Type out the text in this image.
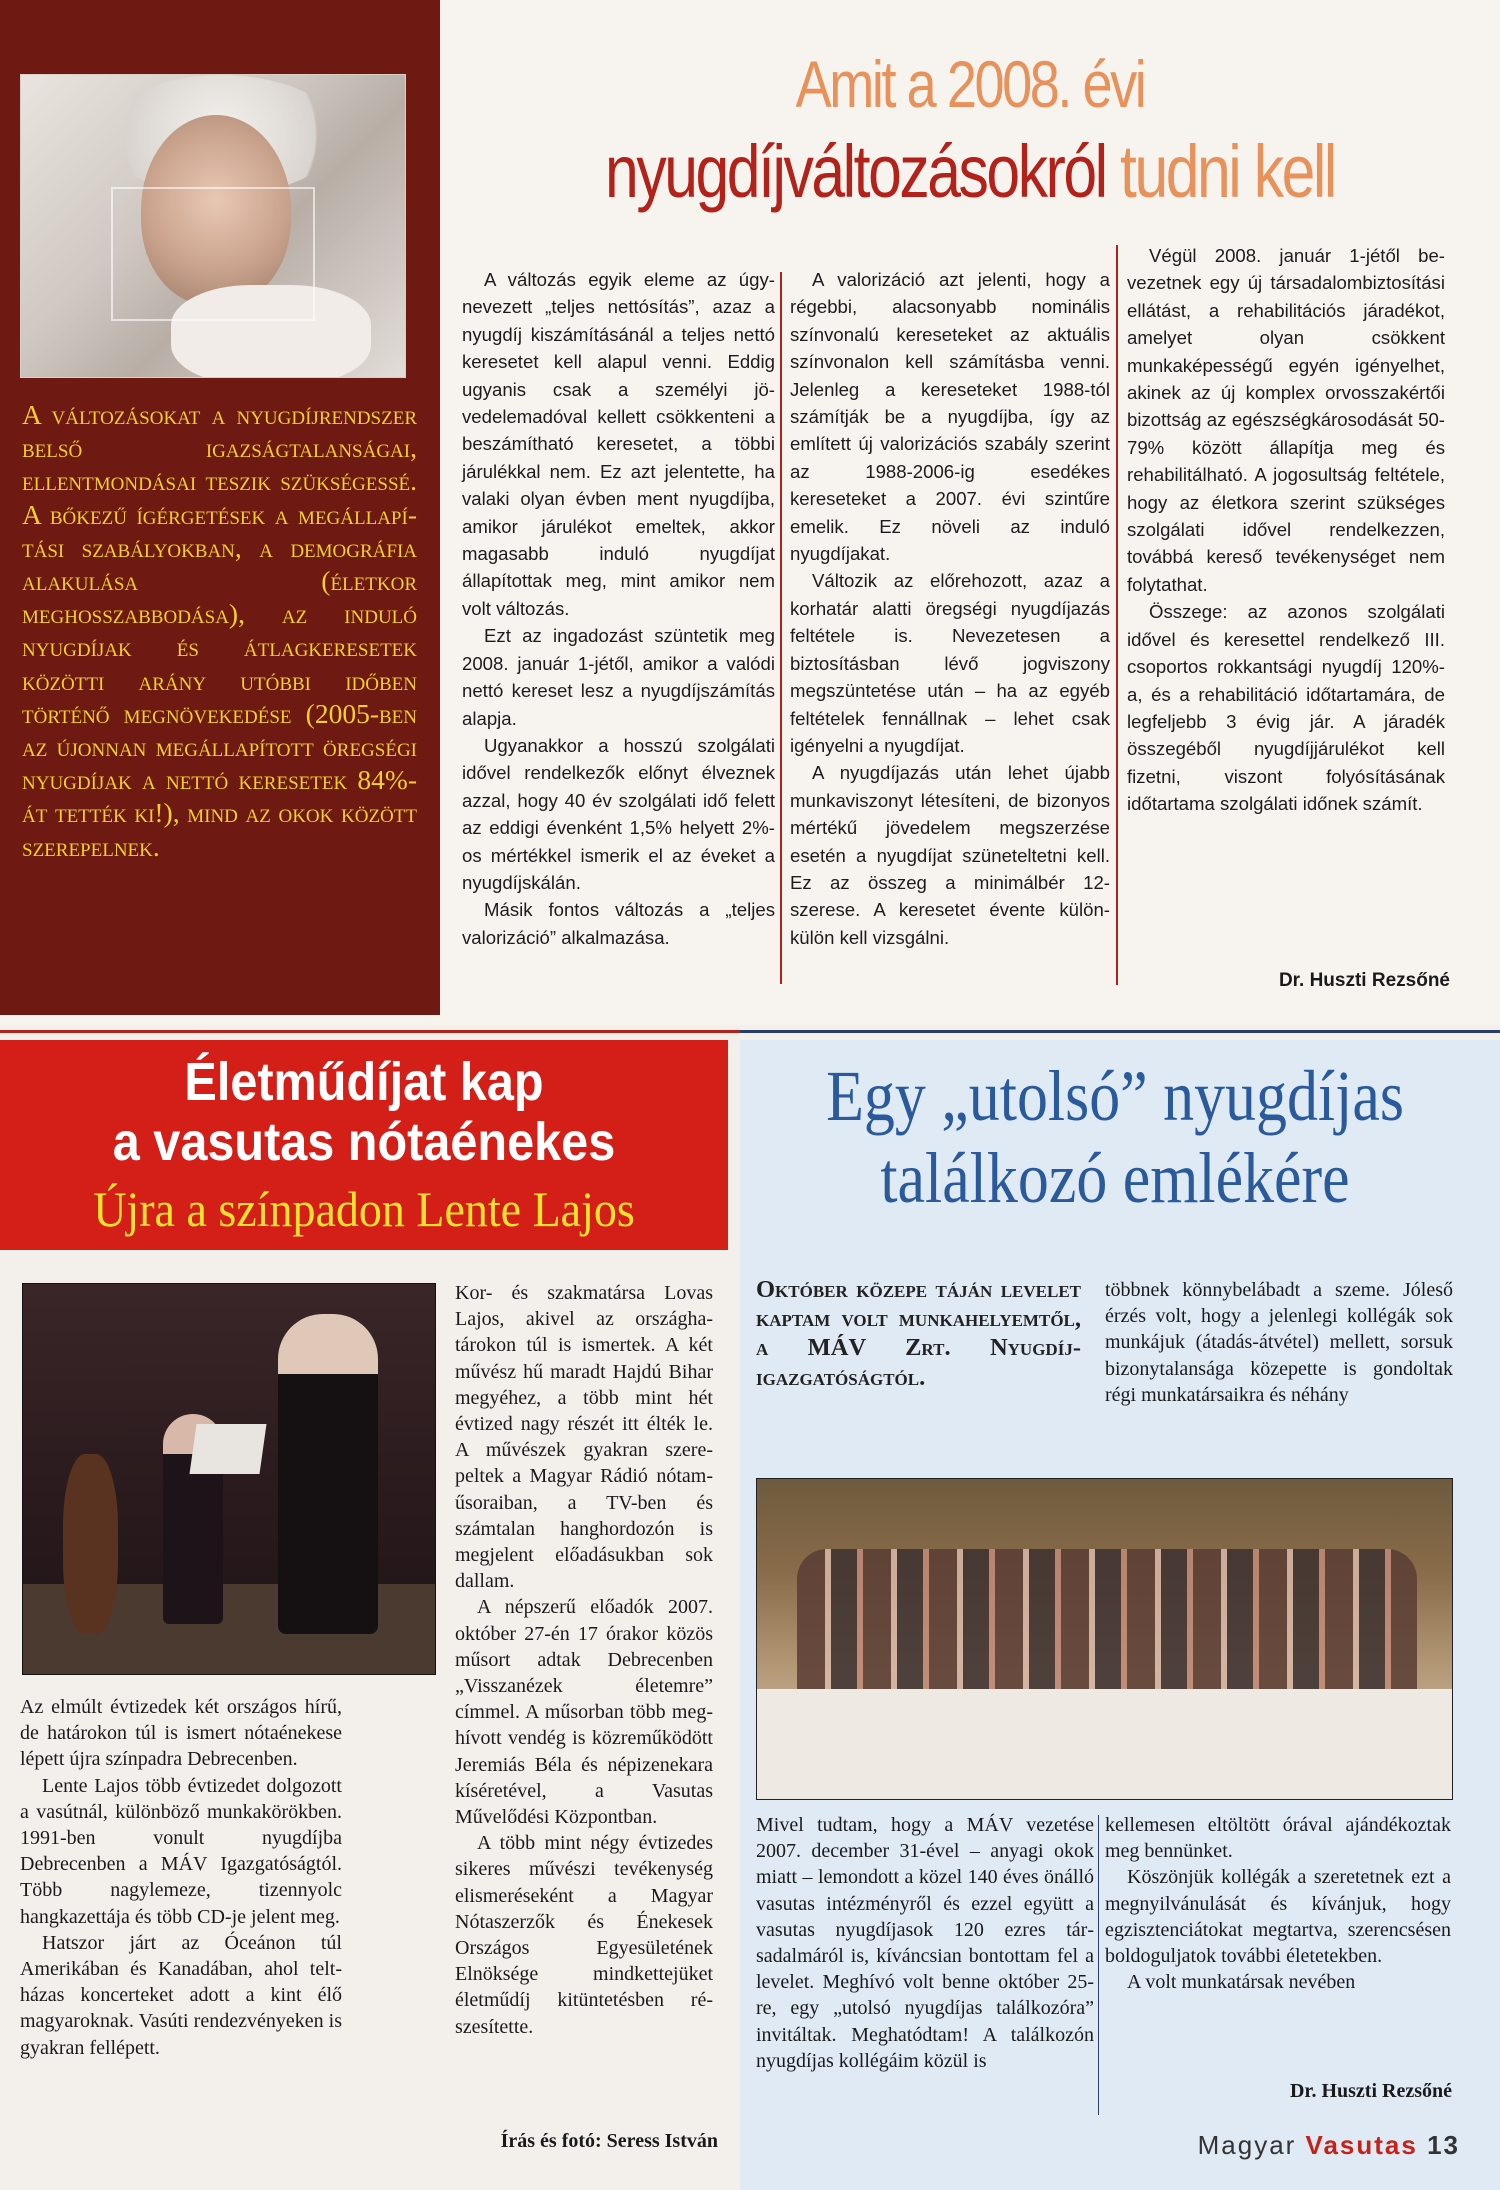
A változásokat a nyugdíjrendszer belső igazságtalanságai, ellentmondásai teszik szükségessé. A bőkezű ígérgetések a megállapítási szabályokban, a demográfia alakulása (életkor meghosszabbodása), az induló nyugdíjak és átlagkeresetek közötti arány utóbbi időben történő megnövekedése (2005-ben az újonnan megállapított öregségi nyugdíjak a nettó keresetek 84%-át tették ki!), mind az okok között szerepelnek.
Amit a 2008. évi
nyugdíjváltozásokról tudni kell

A változás egyik eleme az úgynevezett „teljes nettósítás”, azaz a nyugdíj kiszámításánál a teljes nettó keresetet kell alapul venni. Eddig ugyanis csak a személyi jövedelemadóval kellett csökkenteni a beszámítható keresetet, a többi járulékkal nem. Ez azt jelentette, ha valaki olyan évben ment nyugdíjba, amikor járulékot emeltek, akkor magasabb induló nyugdíjat állapítottak meg, mint amikor nem volt változás.

Ezt az ingadozást szüntetik meg 2008. január 1-jétől, amikor a valódi nettó kereset lesz a nyugdíjszámítás alapja.

Ugyanakkor a hosszú szolgálati idővel rendelkezők előnyt élveznek azzal, hogy 40 év szolgálati idő felett az eddigi évenként 1,5% helyett 2%-os mértékkel ismerik el az éveket a nyugdíjskálán.

Másik fontos változás a „teljes valorizáció” alkalmazása.

A valorizáció azt jelenti, hogy a régebbi, alacsonyabb nominális színvonalú kereseteket az aktuális színvonalon kell számításba venni. Jelenleg a kereseteket 1988-tól számítják be a nyugdíjba, így az említett új valorizációs szabály szerint az 1988-2006-ig esedékes kereseteket a 2007. évi szintűre emelik. Ez növeli az induló nyugdíjakat.

Változik az előrehozott, azaz a korhatár alatti öregségi nyugdíjazás feltétele is. Nevezetesen a biztosításban lévő jogviszony megszüntetése után – ha az egyéb feltételek fennállnak – lehet csak igényelni a nyugdíjat.

A nyugdíjazás után lehet újabb munkaviszonyt létesíteni, de bizonyos mértékű jövedelem megszerzése esetén a nyugdíjat szüneteltetni kell. Ez az összeg a minimálbér 12-szerese. A keresetet évente külön-külön kell vizsgálni.

Végül 2008. január 1-jétől bevezetnek egy új társadalombiztosítási ellátást, a rehabilitációs járadékot, amelyet olyan csökkent munkaképességű egyén igényelhet, akinek az új komplex orvosszakértői bizottság az egészségkárosodását 50-79% között állapítja meg és rehabilitálható. A jogosultság feltétele, hogy az életkora szerint szükséges szolgálati idővel rendelkezzen, továbbá kereső tevékenységet nem folytathat.

Összege: az azonos szolgálati idővel és keresettel rendelkező III. csoportos rokkantsági nyugdíj 120%-a, és a rehabilitáció időtartamára, de legfeljebb 3 évig jár. A járadék összegéből nyugdíjjárulékot kell fizetni, viszont folyósításának időtartama szolgálati időnek számít.

Dr. Huszti Rezsőné
Életműdíjat kap
a vasutas nótaénekes
Újra a színpadon Lente Lajos

Az elmúlt évtizedek két országos hírű, de határokon túl is ismert nótaénekese lépett újra színpadra Debrecenben.

Lente Lajos több évtizedet dolgozott a vasútnál, különböző munkakörökben. 1991-ben vonult nyugdíjba Debrecenben a MÁV Igazgatóságtól. Több nagylemeze, tizennyolc hangkazettája és több CD-je jelent meg.

Hatszor járt az Óceánon túl Amerikában és Kanadában, ahol teltházas koncerteket adott a kint élő magyaroknak. Vasúti rendezvényeken is gyakran fellépett.

Kor- és szakmatársa Lovas Lajos, akivel az országhatárokon túl is ismertek. A két művész hű maradt Hajdú Bihar megyéhez, a több mint hét évtized nagy részét itt élték le. A művészek gyakran szerepeltek a Magyar Rádió nótaműsoraiban, a TV-ben és számtalan hanghordozón is megjelent előadásukban sok dallam.

A népszerű előadók 2007. október 27-én 17 órakor közös műsort adtak Debrecenben „Visszanézek életemre” címmel. A műsorban több meghívott vendég is közreműködött Jeremiás Béla és népizenekara kíséretével, a Vasutas Művelődési Központban.

A több mint négy évtizedes sikeres művészi tevékenység elismeréseként a Magyar Nótaszerzők és Énekesek Országos Egyesületének Elnöksége mindkettejüket életműdíj kitüntetésben részesítette.

Írás és fotó: Seress István
Egy „utolsó” nyugdíjas
találkozó emlékére
Október közepe táján levelet kaptam volt munkahelyemtől, a MÁV Zrt. Nyugdíjigazgatóságtól.

többnek könnybelábadt a szeme. Jóleső érzés volt, hogy a jelenlegi kollégák sok munkájuk (átadás-átvétel) mellett, sorsuk bizonytalansága közepette is gondoltak régi munkatársaikra és néhány

Mivel tudtam, hogy a MÁV vezetése 2007. december 31-ével – anyagi okok miatt – lemondott a közel 140 éves önálló vasutas intézményről és ezzel együtt a vasutas nyugdíjasok 120 ezres társadalmáról is, kíváncsian bontottam fel a levelet. Meghívó volt benne október 25-re, egy „utolsó nyugdíjas találkozóra” invitáltak. Meghatódtam! A találkozón nyugdíjas kollégáim közül is

kellemesen eltöltött órával ajándékoztak meg bennünket.

Köszönjük kollégák a szeretetnek ezt a megnyilvánulását és kívánjuk, hogy egzisztenciátokat megtartva, szerencsésen boldoguljatok további életetekben.

A volt munkatársak nevében

Dr. Huszti Rezsőné
Magyar Vasutas 13
